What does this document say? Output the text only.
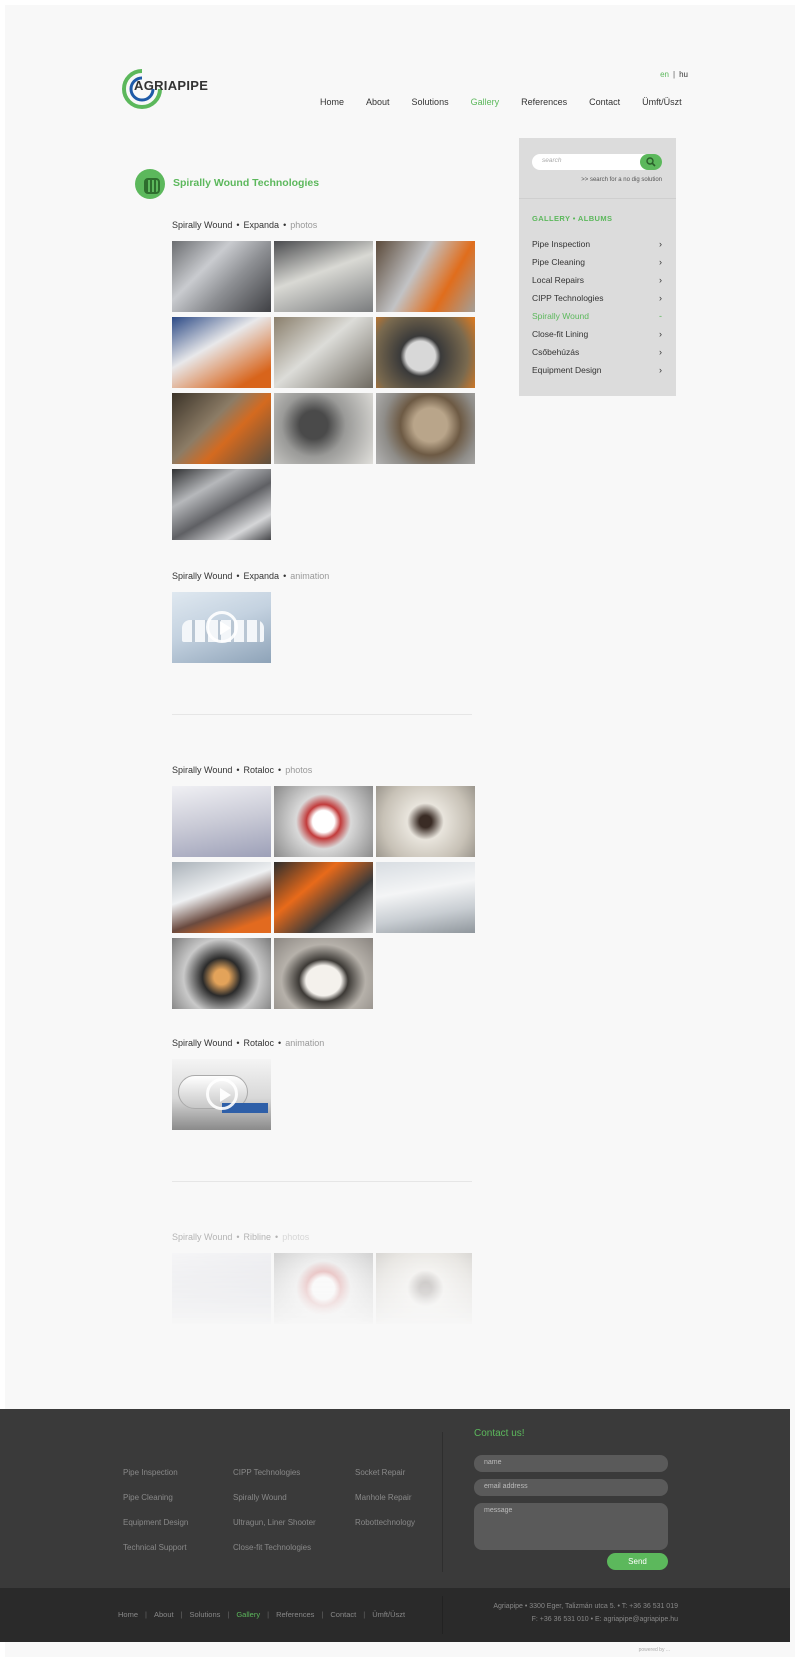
AGRIAPIPE
en | hu
Home About Solutions Gallery References Contact Ümft/Üszt
Spirally Wound Technologies
Spirally Wound • Expanda • photos
Spirally Wound • Expanda • animation
Spirally Wound • Rotaloc • photos
Spirally Wound • Rotaloc • animation
Spirally Wound • Ribline • photos
search
>> search for a no dig solution
GALLERY • ALBUMS
Pipe Inspection	›
Pipe Cleaning	›
Local Repairs	›
CIPP Technologies	›
Spirally Wound	-
Close-fit Lining	›
Csőbehúzás	›
Equipment Design	›
Pipe Inspection
Pipe Cleaning
Equipment Design
Technical Support
CIPP Technologies
Spirally Wound
Ultragun, Liner Shooter
Close-fit Technologies
Socket Repair
Manhole Repair
Robottechnology
Contact us!
name
email address
message
Send
Home | About | Solutions | Gallery | References | Contact | Ümft/Üszt
Agriapipe • 3300 Eger, Talizmán utca 5. • T: +36 36 531 019
F: +36 36 531 010 • E: agriapipe@agriapipe.hu
powered by ...
